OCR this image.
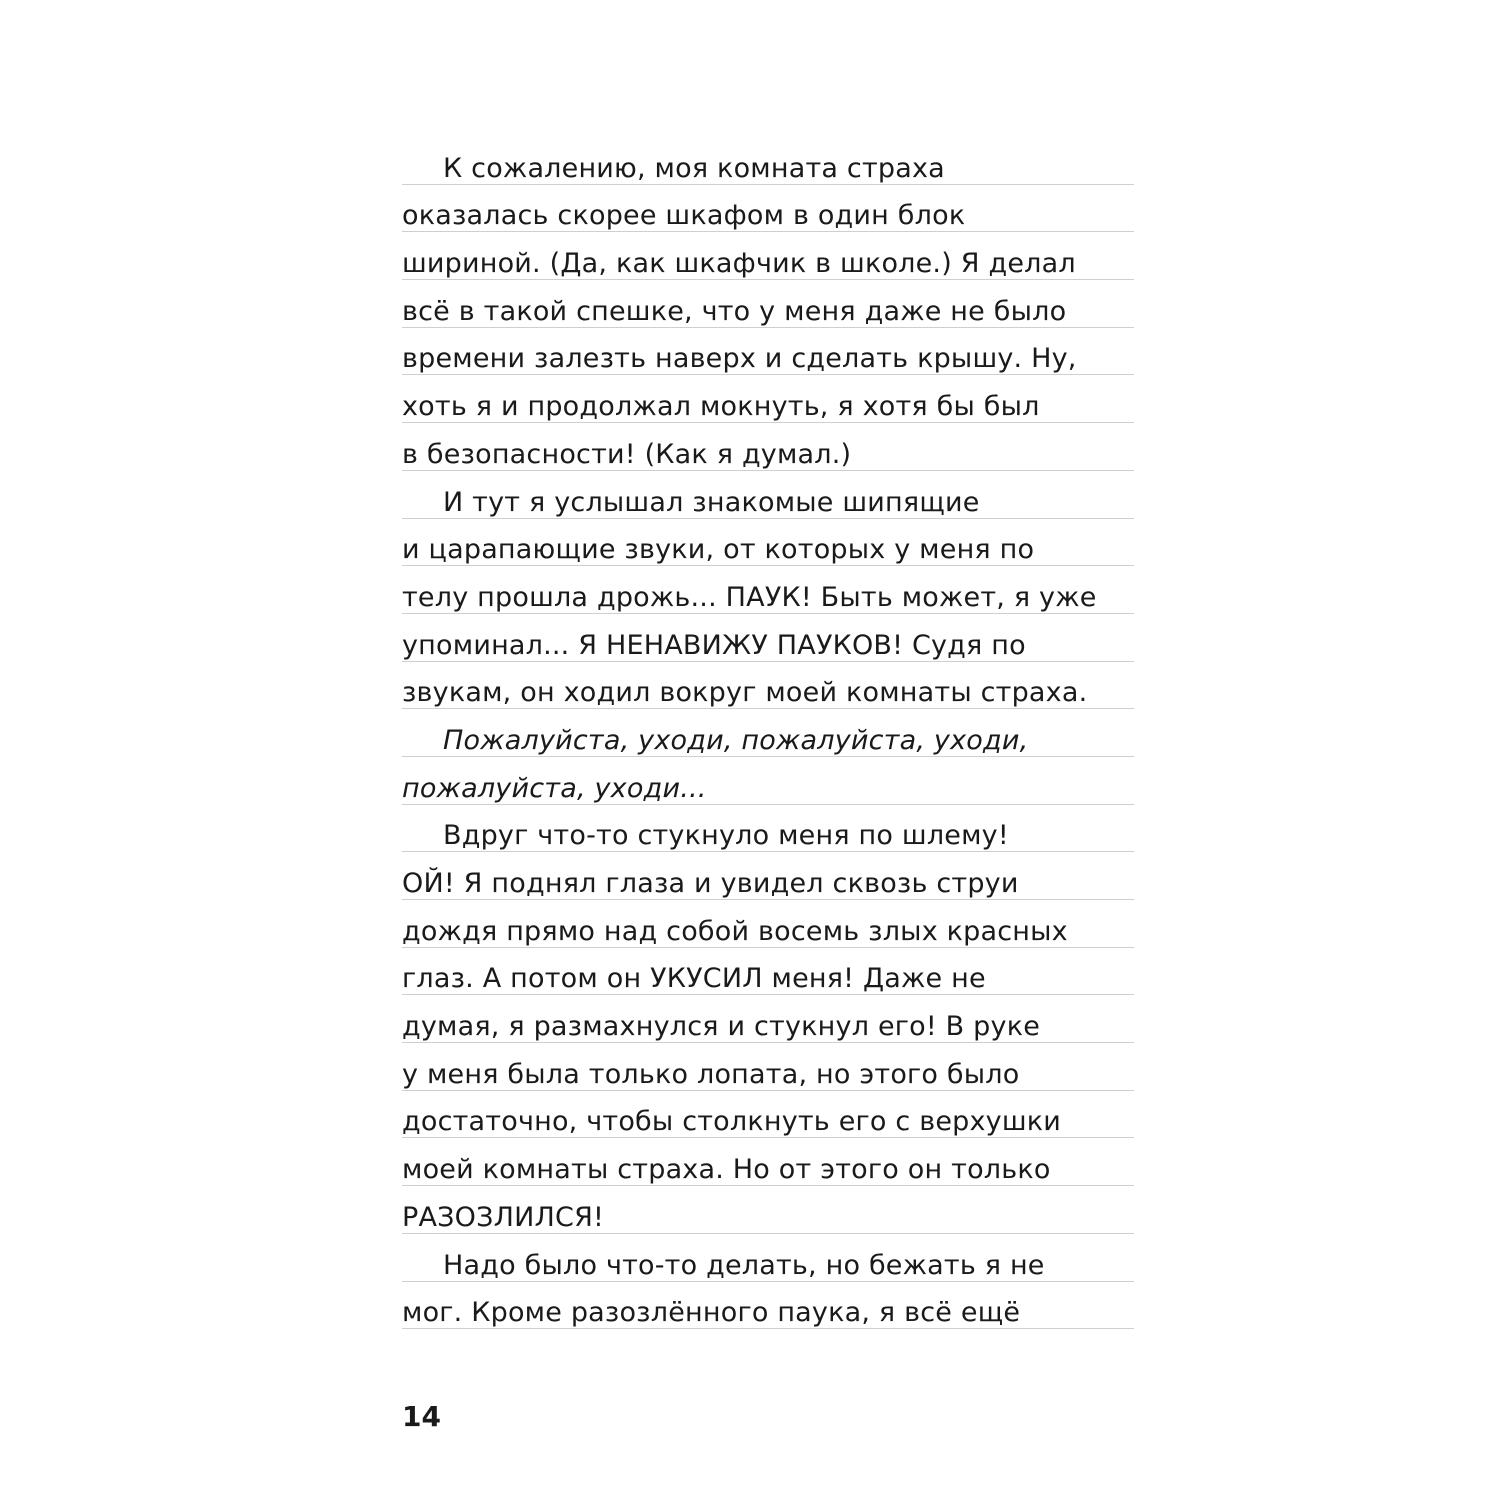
К сожалению, моя комната страха
оказалась скорее шкафом в один блок
шириной. (Да, как шкафчик в школе.) Я делал
всё в такой спешке, что у меня даже не было
времени залезть наверх и сделать крышу. Ну,
хоть я и продолжал мокнуть, я хотя бы был
в безопасности! (Как я думал.)
И тут я услышал знакомые шипящие
и царапающие звуки, от которых у меня по
телу прошла дрожь... ПАУК! Быть может, я уже
упоминал... Я НЕНАВИЖУ ПАУКОВ! Судя по
звукам, он ходил вокруг моей комнаты страха.
Пожалуйста, уходи, пожалуйста, уходи,
пожалуйста, уходи...
Вдруг что-то стукнуло меня по шлему!
ОЙ! Я поднял глаза и увидел сквозь струи
дождя прямо над собой восемь злых красных
глаз. А потом он УКУСИЛ меня! Даже не
думая, я размахнулся и стукнул его! В руке
у меня была только лопата, но этого было
достаточно, чтобы столкнуть его с верхушки
моей комнаты страха. Но от этого он только
РАЗОЗЛИЛСЯ!
Надо было что-то делать, но бежать я не
мог. Кроме разозлённого паука, я всё ещё
14
